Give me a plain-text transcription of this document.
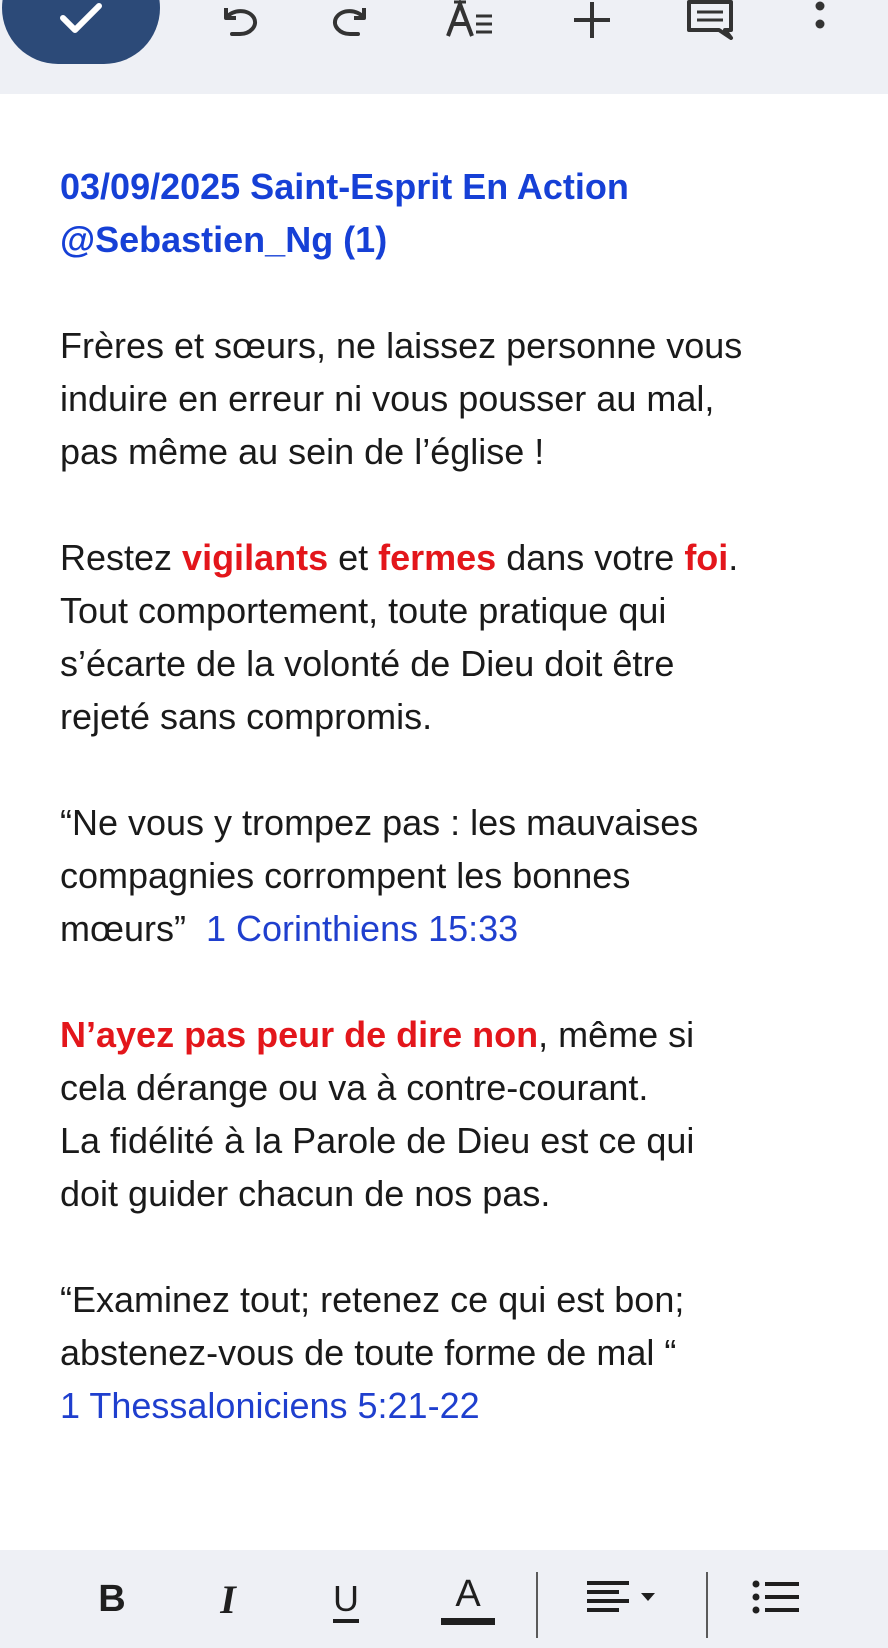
03/09/2025 Saint-Esprit En Action
@Sebastien_Ng (1)

Frères et sœurs, ne laissez personne vous
induire en erreur ni vous pousser au mal,
pas même au sein de l’église !

Restez vigilants et fermes dans votre foi.
Tout comportement, toute pratique qui
s’écarte de la volonté de Dieu doit être
rejeté sans compromis.

“Ne vous y trompez pas : les mauvaises
compagnies corrompent les bonnes
mœurs”  1 Corinthiens 15:33

N’ayez pas peur de dire non, même si
cela dérange ou va à contre-courant.
La fidélité à la Parole de Dieu est ce qui
doit guider chacun de nos pas.

“Examinez tout; retenez ce qui est bon;
abstenez-vous de toute forme de mal “
1 Thessaloniciens 5:21-22

B I	U	A
